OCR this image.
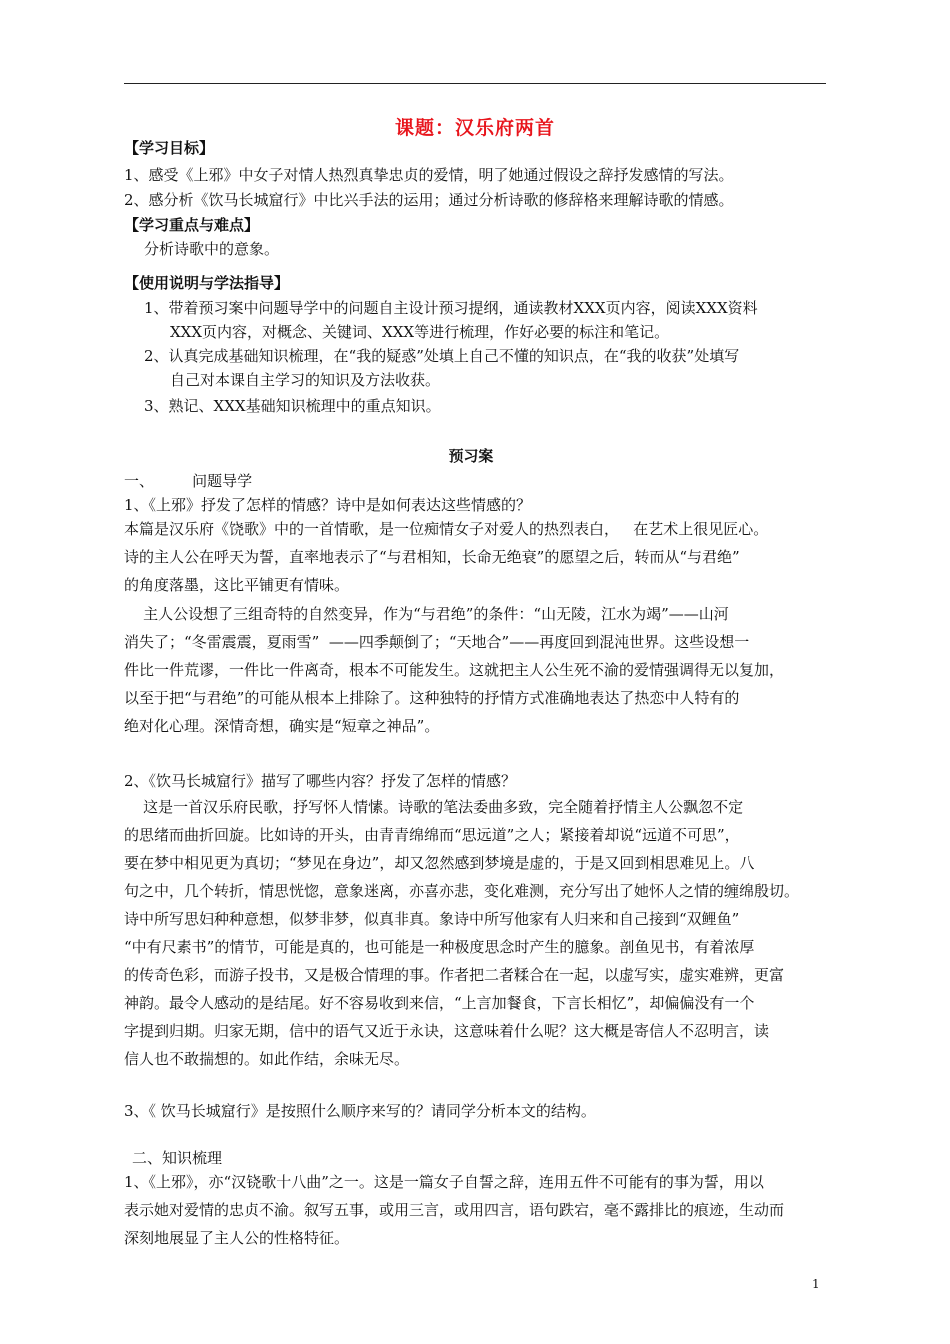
课题：汉乐府两首
【学习目标】
1、感受《上邪》中女子对情人热烈真挚忠贞的爱情，明了她通过假设之辞抒发感情的写法。
2、感分析《饮马长城窟行》中比兴手法的运用；通过分析诗歌的修辞格来理解诗歌的情感。
【学习重点与难点】
分析诗歌中的意象。
【使用说明与学法指导】
1、带着预习案中问题导学中的问题自主设计预习提纲，通读教材XXX页内容，阅读XXX资料
XXX页内容，对概念、关键词、XXX等进行梳理，作好必要的标注和笔记。
2、认真完成基础知识梳理，在“我的疑惑”处填上自己不懂的知识点，在“我的收获”处填写
自己对本课自主学习的知识及方法收获。
3、熟记、XXX基础知识梳理中的重点知识。
预习案
一、        问题导学
1、《上邪》抒发了怎样的情感？诗中是如何表达这些情感的？
本篇是汉乐府《饶歌》中的一首情歌，是一位痴情女子对爱人的热烈表白，   在艺术上很见匠心。
诗的主人公在呼天为誓，直率地表示了“与君相知，长命无绝衰”的愿望之后，转而从“与君绝”
的角度落墨，这比平铺更有情味。
主人公设想了三组奇特的自然变异，作为“与君绝”的条件：“山无陵，江水为竭”——山河
消失了；“冬雷震震，夏雨雪”  ——四季颠倒了；“天地合”——再度回到混沌世界。这些设想一
件比一件荒谬，一件比一件离奇，根本不可能发生。这就把主人公生死不渝的爱情强调得无以复加，
以至于把“与君绝”的可能从根本上排除了。这种独特的抒情方式准确地表达了热恋中人特有的
绝对化心理。深情奇想，确实是“短章之神品”。
2、《饮马长城窟行》描写了哪些内容？抒发了怎样的情感？
这是一首汉乐府民歌，抒写怀人情愫。诗歌的笔法委曲多致，完全随着抒情主人公飘忽不定
的思绪而曲折回旋。比如诗的开头，由青青绵绵而“思远道”之人；紧接着却说“远道不可思”，
要在梦中相见更为真切；“梦见在身边”，却又忽然感到梦境是虚的，于是又回到相思难见上。八
句之中，几个转折，情思恍惚，意象迷离，亦喜亦悲，变化难测，充分写出了她怀人之情的缠绵殷切。
诗中所写思妇种种意想，似梦非梦，似真非真。象诗中所写他家有人归来和自己接到“双鲤鱼”
“中有尺素书”的情节，可能是真的，也可能是一种极度思念时产生的臆象。剖鱼见书，有着浓厚
的传奇色彩，而游子投书，又是极合情理的事。作者把二者糅合在一起，以虚写实，虚实难辨，更富
神韵。最令人感动的是结尾。好不容易收到来信，“上言加餐食，下言长相忆”，却偏偏没有一个
字提到归期。归家无期，信中的语气又近于永诀，这意味着什么呢？这大概是寄信人不忍明言，读
信人也不敢揣想的。如此作结，余味无尽。
3、《 饮马长城窟行》是按照什么顺序来写的？请同学分析本文的结构。
二、知识梳理
1、《上邪》，亦“汉铙歌十八曲”之一。这是一篇女子自誓之辞，连用五件不可能有的事为誓，用以
表示她对爱情的忠贞不渝。叙写五事，或用三言，或用四言，语句跌宕，毫不露排比的痕迹，生动而
深刻地展显了主人公的性格特征。
1
